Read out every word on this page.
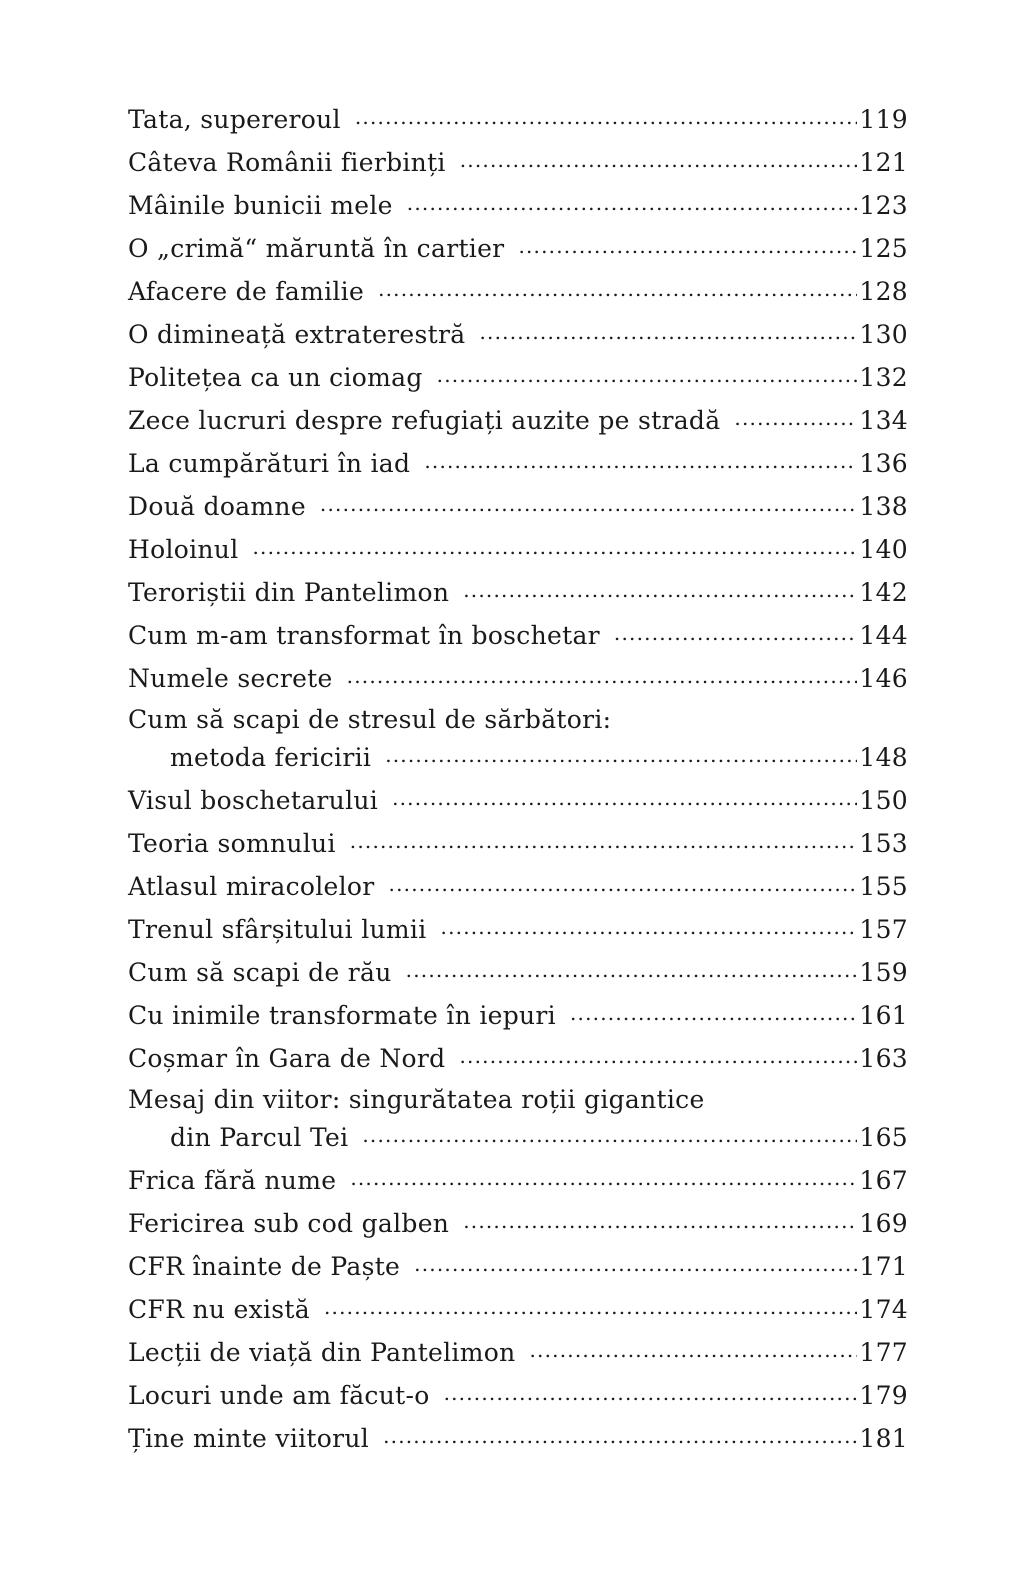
Tata, supereroul .....	119
Câteva Românii fierbinți .....	121
Mâinile bunicii mele .....	123
O „crimă“ măruntă în cartier .....	125
Afacere de familie .....	128
O dimineață extraterestră .....	130
Politețea ca un ciomag .....	132
Zece lucruri despre refugiați auzite pe stradă .....	134
La cumpărături în iad .....	136
Două doamne .....	138
Holoinul .....	140
Teroriștii din Pantelimon .....	142
Cum m-am transformat în boschetar .....	144
Numele secrete .....	146
Cum să scapi de stresul de sărbători:
metoda fericirii .....	148
Visul boschetarului .....	150
Teoria somnului .....	153
Atlasul miracolelor .....	155
Trenul sfârșitului lumii .....	157
Cum să scapi de rău .....	159
Cu inimile transformate în iepuri .....	161
Coșmar în Gara de Nord .....	163
Mesaj din viitor: singurătatea roții gigantice
din Parcul Tei .....	165
Frica fără nume .....	167
Fericirea sub cod galben .....	169
CFR înainte de Paște .....	171
CFR nu există .....	174
Lecții de viață din Pantelimon .....	177
Locuri unde am făcut-o .....	179
Ține minte viitorul .....	181
